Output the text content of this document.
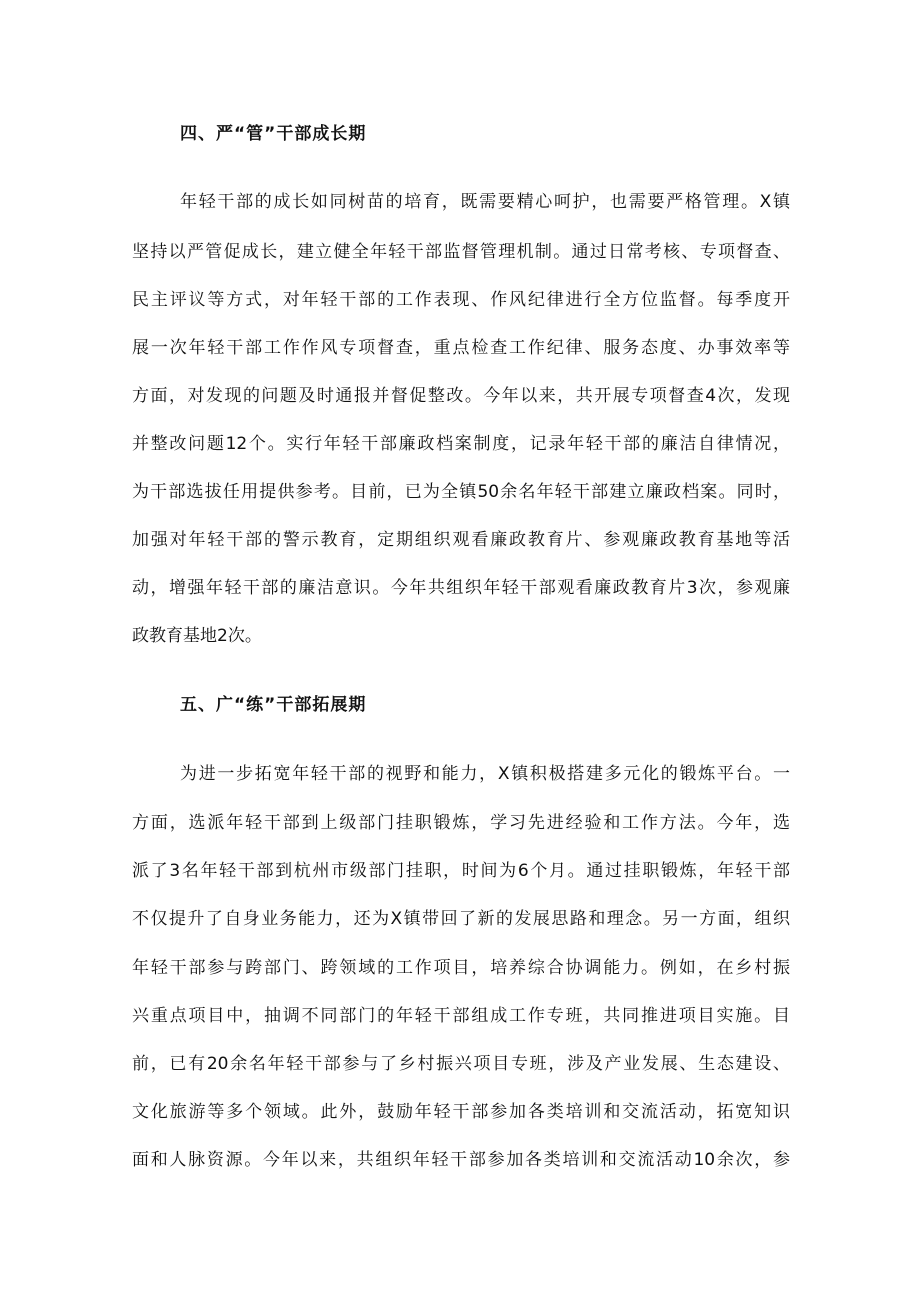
四、严“管”干部成长期
年轻干部的成长如同树苗的培育，既需要精心呵护，也需要严格管理。X镇
坚持以严管促成长，建立健全年轻干部监督管理机制。通过日常考核、专项督查、
民主评议等方式，对年轻干部的工作表现、作风纪律进行全方位监督。每季度开
展一次年轻干部工作作风专项督查，重点检查工作纪律、服务态度、办事效率等
方面，对发现的问题及时通报并督促整改。今年以来，共开展专项督查4次，发现
并整改问题12个。实行年轻干部廉政档案制度，记录年轻干部的廉洁自律情况，
为干部选拔任用提供参考。目前，已为全镇50余名年轻干部建立廉政档案。同时，
加强对年轻干部的警示教育，定期组织观看廉政教育片、参观廉政教育基地等活
动，增强年轻干部的廉洁意识。今年共组织年轻干部观看廉政教育片3次，参观廉
政教育基地2次。
五、广“练”干部拓展期
为进一步拓宽年轻干部的视野和能力，X镇积极搭建多元化的锻炼平台。一
方面，选派年轻干部到上级部门挂职锻炼，学习先进经验和工作方法。今年，选
派了3名年轻干部到杭州市级部门挂职，时间为6个月。通过挂职锻炼，年轻干部
不仅提升了自身业务能力，还为X镇带回了新的发展思路和理念。另一方面，组织
年轻干部参与跨部门、跨领域的工作项目，培养综合协调能力。例如，在乡村振
兴重点项目中，抽调不同部门的年轻干部组成工作专班，共同推进项目实施。目
前，已有20余名年轻干部参与了乡村振兴项目专班，涉及产业发展、生态建设、
文化旅游等多个领域。此外，鼓励年轻干部参加各类培训和交流活动，拓宽知识
面和人脉资源。今年以来，共组织年轻干部参加各类培训和交流活动10余次，参
